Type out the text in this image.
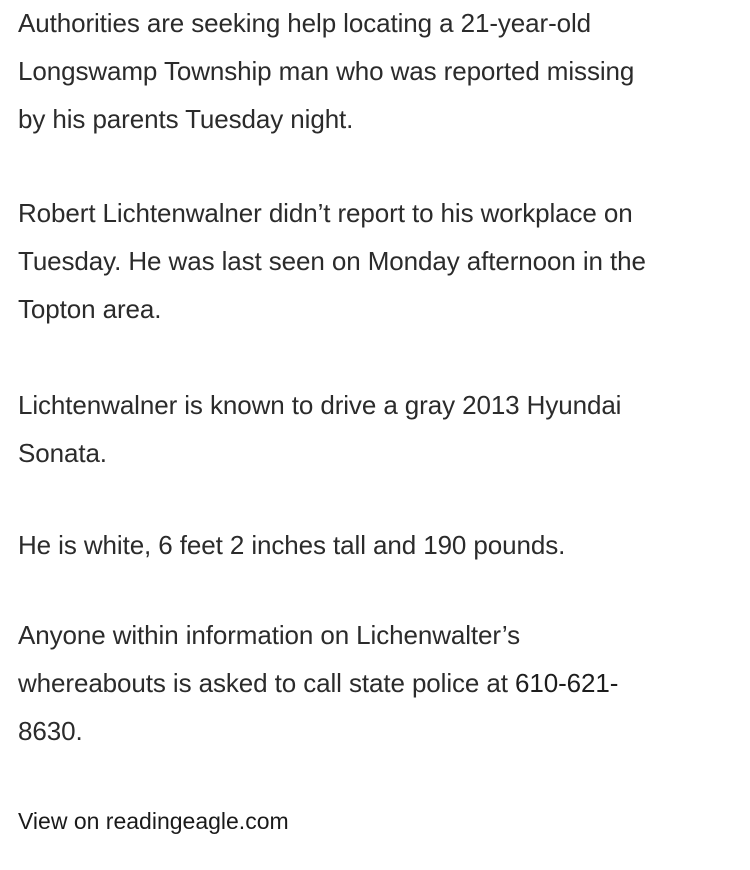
Authorities are seeking help locating a 21-year-old
Longswamp Township man who was reported missing
by his parents Tuesday night.

Robert Lichtenwalner didn’t report to his workplace on
Tuesday. He was last seen on Monday afternoon in the
Topton area.

Lichtenwalner is known to drive a gray 2013 Hyundai
Sonata.

He is white, 6 feet 2 inches tall and 190 pounds.

Anyone within information on Lichenwalter’s
whereabouts is asked to call state police at 610-621-
8630.

View on readingeagle.com
